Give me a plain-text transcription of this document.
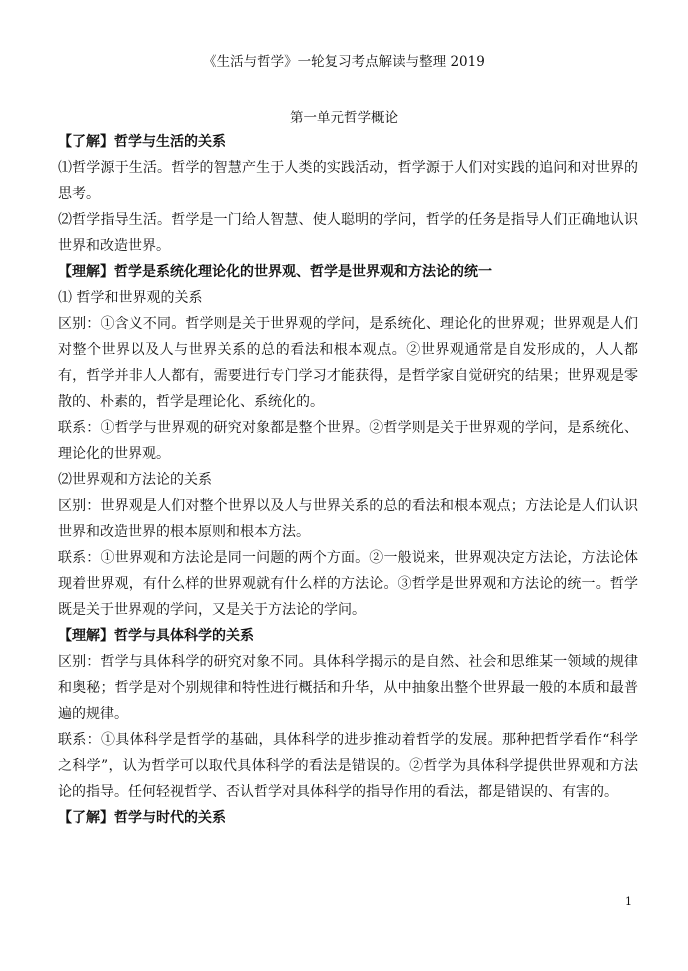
《生活与哲学》一轮复习考点解读与整理 2019
第一单元哲学概论

【了解】哲学与生活的关系

⑴哲学源于生活。哲学的智慧产生于人类的实践活动，哲学源于人们对实践的追问和对世界的思考。

⑵哲学指导生活。哲学是一门给人智慧、使人聪明的学问，哲学的任务是指导人们正确地认识世界和改造世界。

【理解】哲学是系统化理论化的世界观、哲学是世界观和方法论的统一

⑴ 哲学和世界观的关系

区别：①含义不同。哲学则是关于世界观的学问，是系统化、理论化的世界观；世界观是人们对整个世界以及人与世界关系的总的看法和根本观点。②世界观通常是自发形成的，人人都有，哲学并非人人都有，需要进行专门学习才能获得，是哲学家自觉研究的结果；世界观是零散的、朴素的，哲学是理论化、系统化的。

联系：①哲学与世界观的研究对象都是整个世界。②哲学则是关于世界观的学问，是系统化、理论化的世界观。

⑵世界观和方法论的关系

区别：世界观是人们对整个世界以及人与世界关系的总的看法和根本观点；方法论是人们认识世界和改造世界的根本原则和根本方法。

联系：①世界观和方法论是同一问题的两个方面。②一般说来，世界观决定方法论，方法论体现着世界观，有什么样的世界观就有什么样的方法论。③哲学是世界观和方法论的统一。哲学既是关于世界观的学问，又是关于方法论的学问。

【理解】哲学与具体科学的关系

区别：哲学与具体科学的研究对象不同。具体科学揭示的是自然、社会和思维某一领域的规律和奥秘；哲学是对个别规律和特性进行概括和升华，从中抽象出整个世界最一般的本质和最普遍的规律。

联系：①具体科学是哲学的基础，具体科学的进步推动着哲学的发展。那种把哲学看作“科学之科学”，认为哲学可以取代具体科学的看法是错误的。②哲学为具体科学提供世界观和方法论的指导。任何轻视哲学、否认哲学对具体科学的指导作用的看法，都是错误的、有害的。

【了解】哲学与时代的关系

1
